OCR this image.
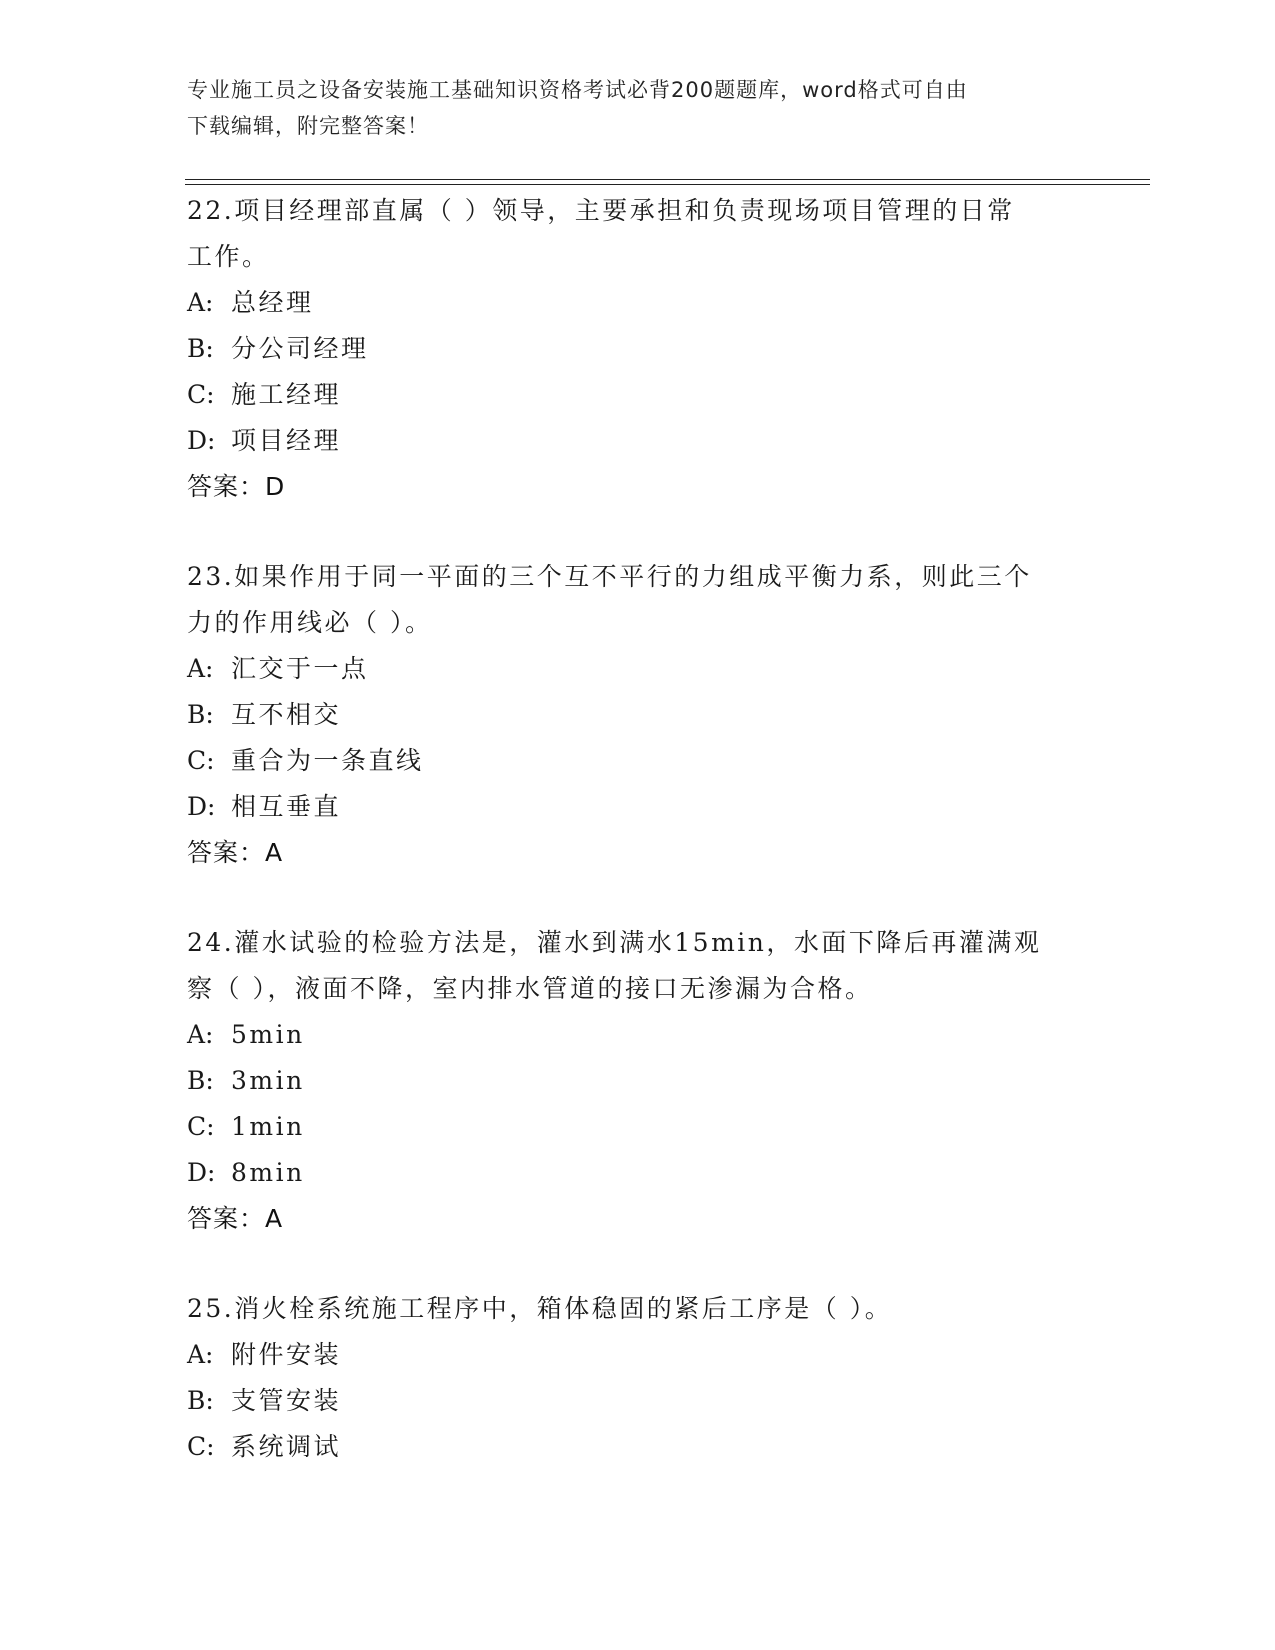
专业施工员之设备安装施工基础知识资格考试必背200题题库，word格式可自由
下载编辑，附完整答案！
22.项目经理部直属（ ）领导，主要承担和负责现场项目管理的日常
工作。
A: 总经理
B: 分公司经理
C: 施工经理
D: 项目经理
答案：D
23.如果作用于同一平面的三个互不平行的力组成平衡力系，则此三个
力的作用线必（ ）。
A: 汇交于一点
B: 互不相交
C: 重合为一条直线
D: 相互垂直
答案：A
24.灌水试验的检验方法是，灌水到满水15min，水面下降后再灌满观
察（ ），液面不降，室内排水管道的接口无渗漏为合格。
A: 5min
B: 3min
C: 1min
D: 8min
答案：A
25.消火栓系统施工程序中，箱体稳固的紧后工序是（ ）。
A: 附件安装
B: 支管安装
C: 系统调试
